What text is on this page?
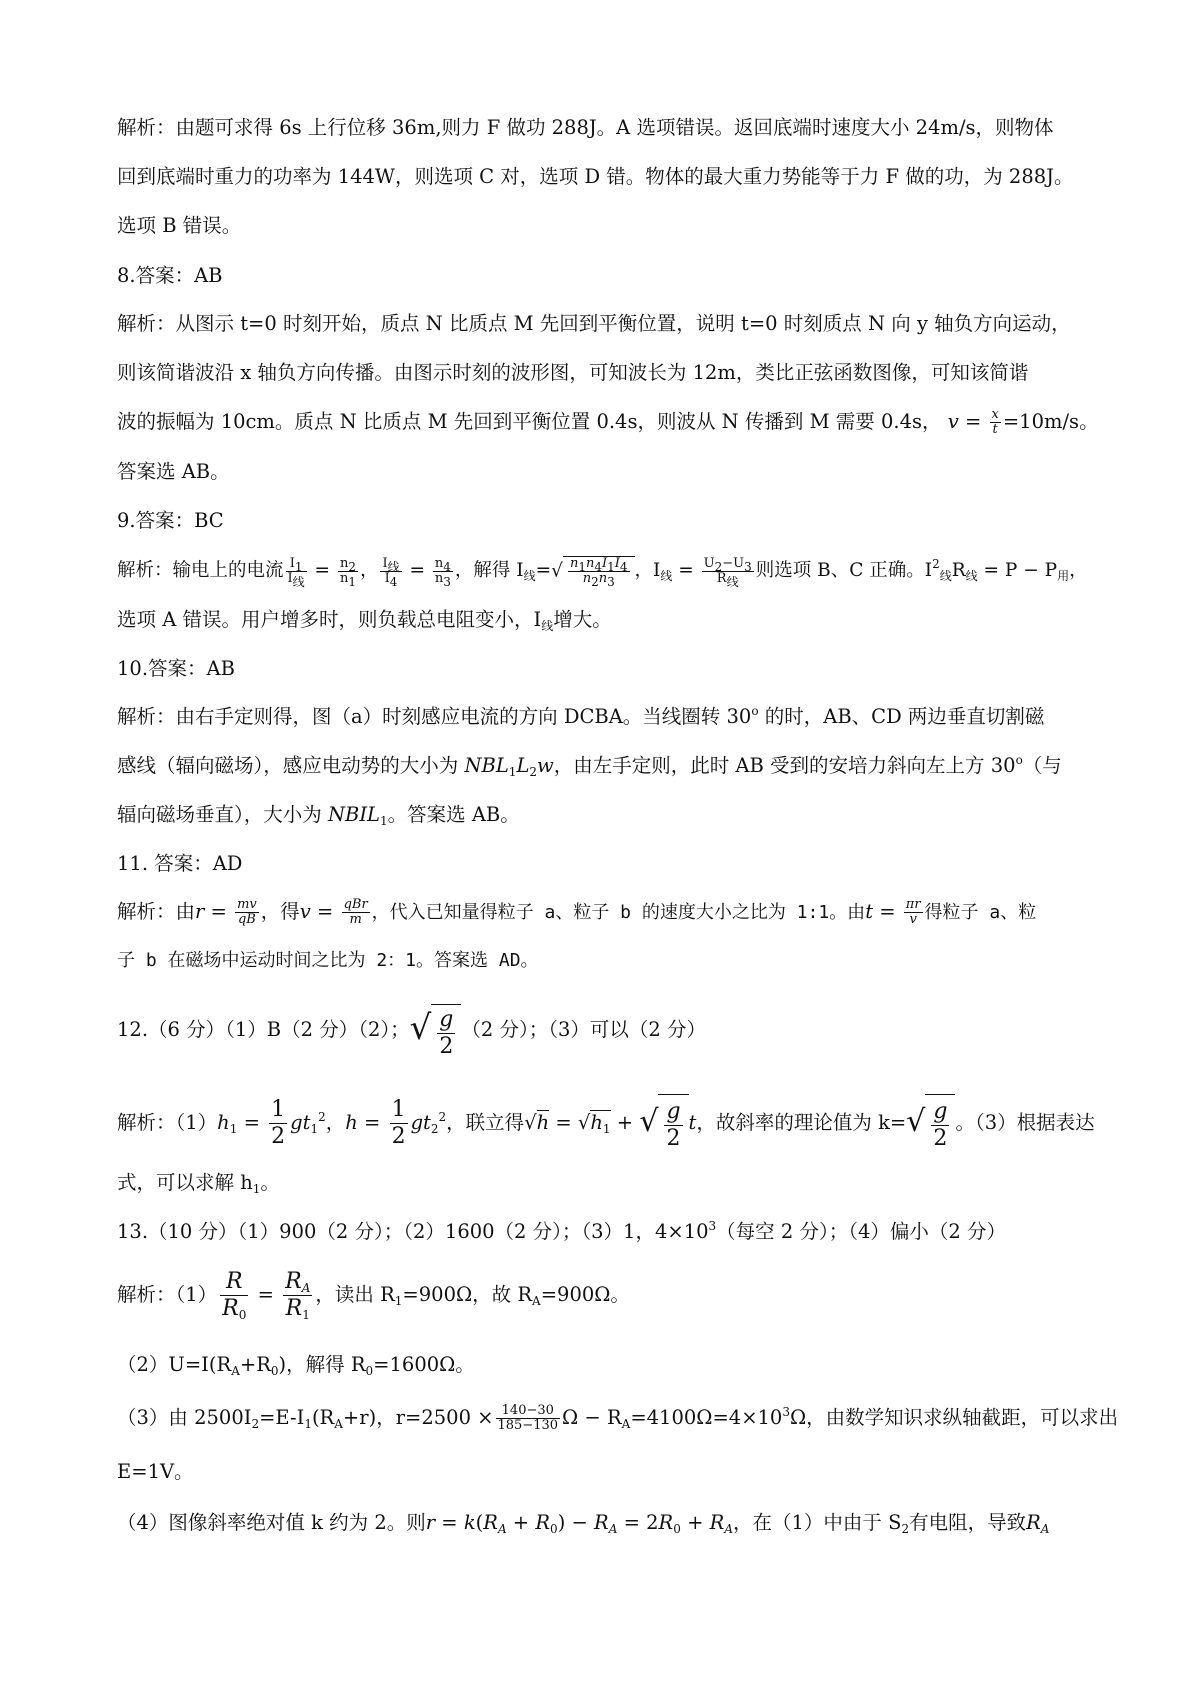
解析：由题可求得 6s 上行位移 36m,则力 F 做功 288J。A 选项错误。返回底端时速度大小 24m/s，则物体
回到底端时重力的功率为 144W，则选项 C 对，选项 D 错。物体的最大重力势能等于力 F 做的功，为 288J。
选项 B 错误。
8.答案：AB
解析：从图示 t=0 时刻开始，质点 N 比质点 M 先回到平衡位置，说明 t=0 时刻质点 N 向 y 轴负方向运动，
则该简谐波沿 x 轴负方向传播。由图示时刻的波形图，可知波长为 12m，类比正弦函数图像，可知该简谐
波的振幅为 10cm。质点 N 比质点 M 先回到平衡位置 0.4s，则波从 N 传播到 M 需要 0.4s， $v = \frac{x}{t} =10m/s$。
答案选 AB。
9.答案：BC
解析：输电上的电流 $\frac{I_1}{I_线} = \frac{n_2}{n_1}$ ， $\frac{I_线}{I_4} = \frac{n_4}{n_3}$ ，解得 $I_线=√ \frac{n_1n_4I_1I_4}{n_2n_3}$ ，$I_线 = \frac{U_2-U_3}{R_线}$ 则选项 B、C 正确。$I^2_线R_线 = P - P_用$，
选项 A 错误。用户增多时，则负载总电阻变小，$I_线$增大。
10.答案：AB
解析：由右手定则得，图（a）时刻感应电流的方向 DCBA。当线圈转 30$^o$ 的时，AB、CD 两边垂直切割磁
感线（辐向磁场），感应电动势的大小为 $NBL_1L_2w$，由左手定则，此时 AB 受到的安培力斜向左上方 30$^o$（与
辐向磁场垂直），大小为 $NBIL_1$。答案选 AB。
11. 答案：AD
解析：由$r = \frac{mv}{qB}$ ，得$v = \frac{\text{qBr}}{m}$ ，代入已知量得粒子 a、粒子 b 的速度大小之比为 1:1。由$t = \frac{\pi r}{v}$ 得粒子 a、粒
子 b 在磁场中运动时间之比为 2：1。答案选 AD。
12.（6 分）（1）B（2 分）（2）；√ $\frac{g}{2} (2$ 分）；（3）可以（2 分）
解析：$(1)h_1 = \frac{1}{2} gt_1^2$，$h = \frac{1}{2} gt_2^2$，联立得$√h = √h_1$ + √ $\frac{g}{2}$ t，故斜率的理论值为 $k=√ \frac{g}{2}$ 。（3）根据表达
式，可以求解 $h_1$。
13.（10 分）（1）900（2 分）；（2）1600（2 分）；（3）1，$4\times 10^3$（每空 2 分）；（4）偏小（2 分）
解析：$(1) \frac{R}{R_0} = \frac{R_A}{R_1}$ ，读出 $R_1=900\Omega$，故 $R_A=900\Omega$。
$(2)U=I(R_A+R_0)$，解得 $R_0=1600\Omega$。
（3）由 $2500I_2=E-I_1(R_A+r)$，$r=2500 \times \frac{140-30}{185-130}$ $\Omega - R_A=4100\Omega=4\times 10^3\Omega$，由数学知识求纵轴截距，可以求出
E=1V。
（4）图像斜率绝对值 k 约为 2。则$r = k(R_A + R_0) - R_A = 2R_0 + R_A$，在（1）中由于 $S_2$有电阻，导致$R_A$
